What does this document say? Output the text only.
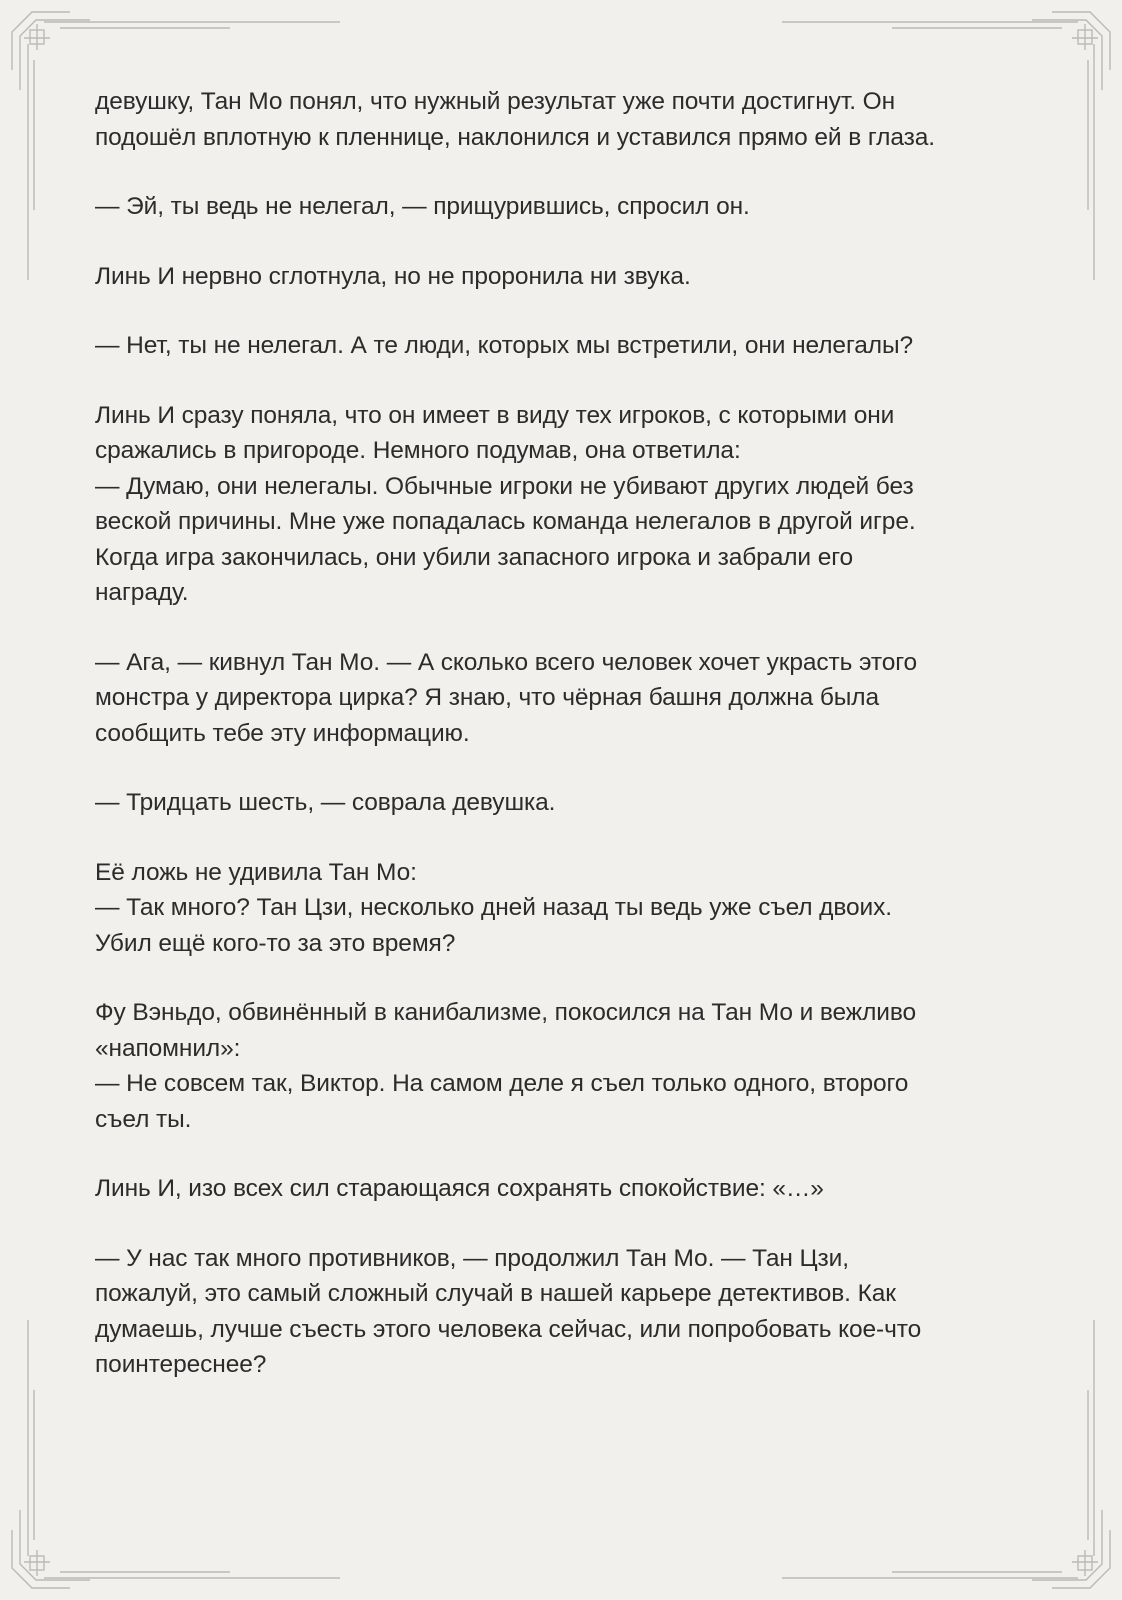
девушку, Тан Мо понял, что нужный результат уже почти достигнут. Он
подошёл вплотную к пленнице, наклонился и уставился прямо ей в глаза.

— Эй, ты ведь не нелегал, — прищурившись, спросил он.

Линь И нервно сглотнула, но не проронила ни звука.

— Нет, ты не нелегал. А те люди, которых мы встретили, они нелегалы?

Линь И сразу поняла, что он имеет в виду тех игроков, с которыми они
сражались в пригороде. Немного подумав, она ответила:
— Думаю, они нелегалы. Обычные игроки не убивают других людей без
веской причины. Мне уже попадалась команда нелегалов в другой игре.
Когда игра закончилась, они убили запасного игрока и забрали его
награду.

— Ага, — кивнул Тан Мо. — А сколько всего человек хочет украсть этого
монстра у директора цирка? Я знаю, что чёрная башня должна была
сообщить тебе эту информацию.

— Тридцать шесть, — соврала девушка.

Её ложь не удивила Тан Мо:
— Так много? Тан Цзи, несколько дней назад ты ведь уже съел двоих.
Убил ещё кого-то за это время?

Фу Вэньдо, обвинённый в канибализме, покосился на Тан Мо и вежливо
«напомнил»:
— Не совсем так, Виктор. На самом деле я съел только одного, второго
съел ты.

Линь И, изо всех сил старающаяся сохранять спокойствие: «…»

— У нас так много противников, — продолжил Тан Мо. — Тан Цзи,
пожалуй, это самый сложный случай в нашей карьере детективов. Как
думаешь, лучше съесть этого человека сейчас, или попробовать кое-что
поинтереснее?
